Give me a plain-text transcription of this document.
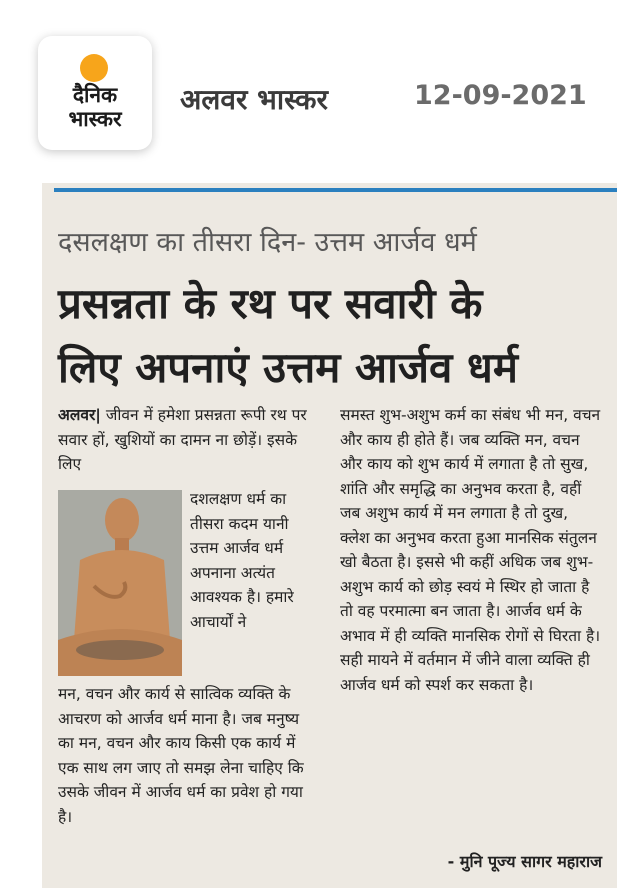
दैनिक
भास्कर
अलवर भास्कर	12-09-2021
दसलक्षण का तीसरा दिन- उत्तम आर्जव धर्म
प्रसन्नता के रथ पर सवारी के
लिए अपनाएं उत्तम आर्जव धर्म
अलवर| जीवन में हमेशा प्रसन्नता रूपी रथ पर सवार हों, खुशियों का दामन ना छोड़ें। इसके लिए
दशलक्षण धर्म का तीसरा कदम यानी उत्तम आर्जव धर्म अपनाना अत्यंत आवश्यक है। हमारे आचार्यों ने
मन, वचन और कार्य से सात्विक व्यक्ति के आचरण को आर्जव धर्म माना है। जब मनुष्य का मन, वचन और काय किसी एक कार्य में एक साथ लग जाए तो समझ लेना चाहिए कि उसके जीवन में आर्जव धर्म का प्रवेश हो गया है।
समस्त शुभ-अशुभ कर्म का संबंध भी मन, वचन और काय ही होते हैं। जब व्यक्ति मन, वचन और काय को शुभ कार्य में लगाता है तो सुख, शांति और समृद्धि का अनुभव करता है, वहीं जब अशुभ कार्य में मन लगाता है तो दुख, क्लेश का अनुभव करता हुआ मानसिक संतुलन खो बैठता है। इससे भी कहीं अधिक जब शुभ-अशुभ कार्य को छोड़ स्वयं मे स्थिर हो जाता है तो वह परमात्मा बन जाता है। आर्जव धर्म के अभाव में ही व्यक्ति मानसिक रोगों से घिरता है। सही मायने में वर्तमान में जीने वाला व्यक्ति ही आर्जव धर्म को स्पर्श कर सकता है।
- मुनि पूज्य सागर महाराज
